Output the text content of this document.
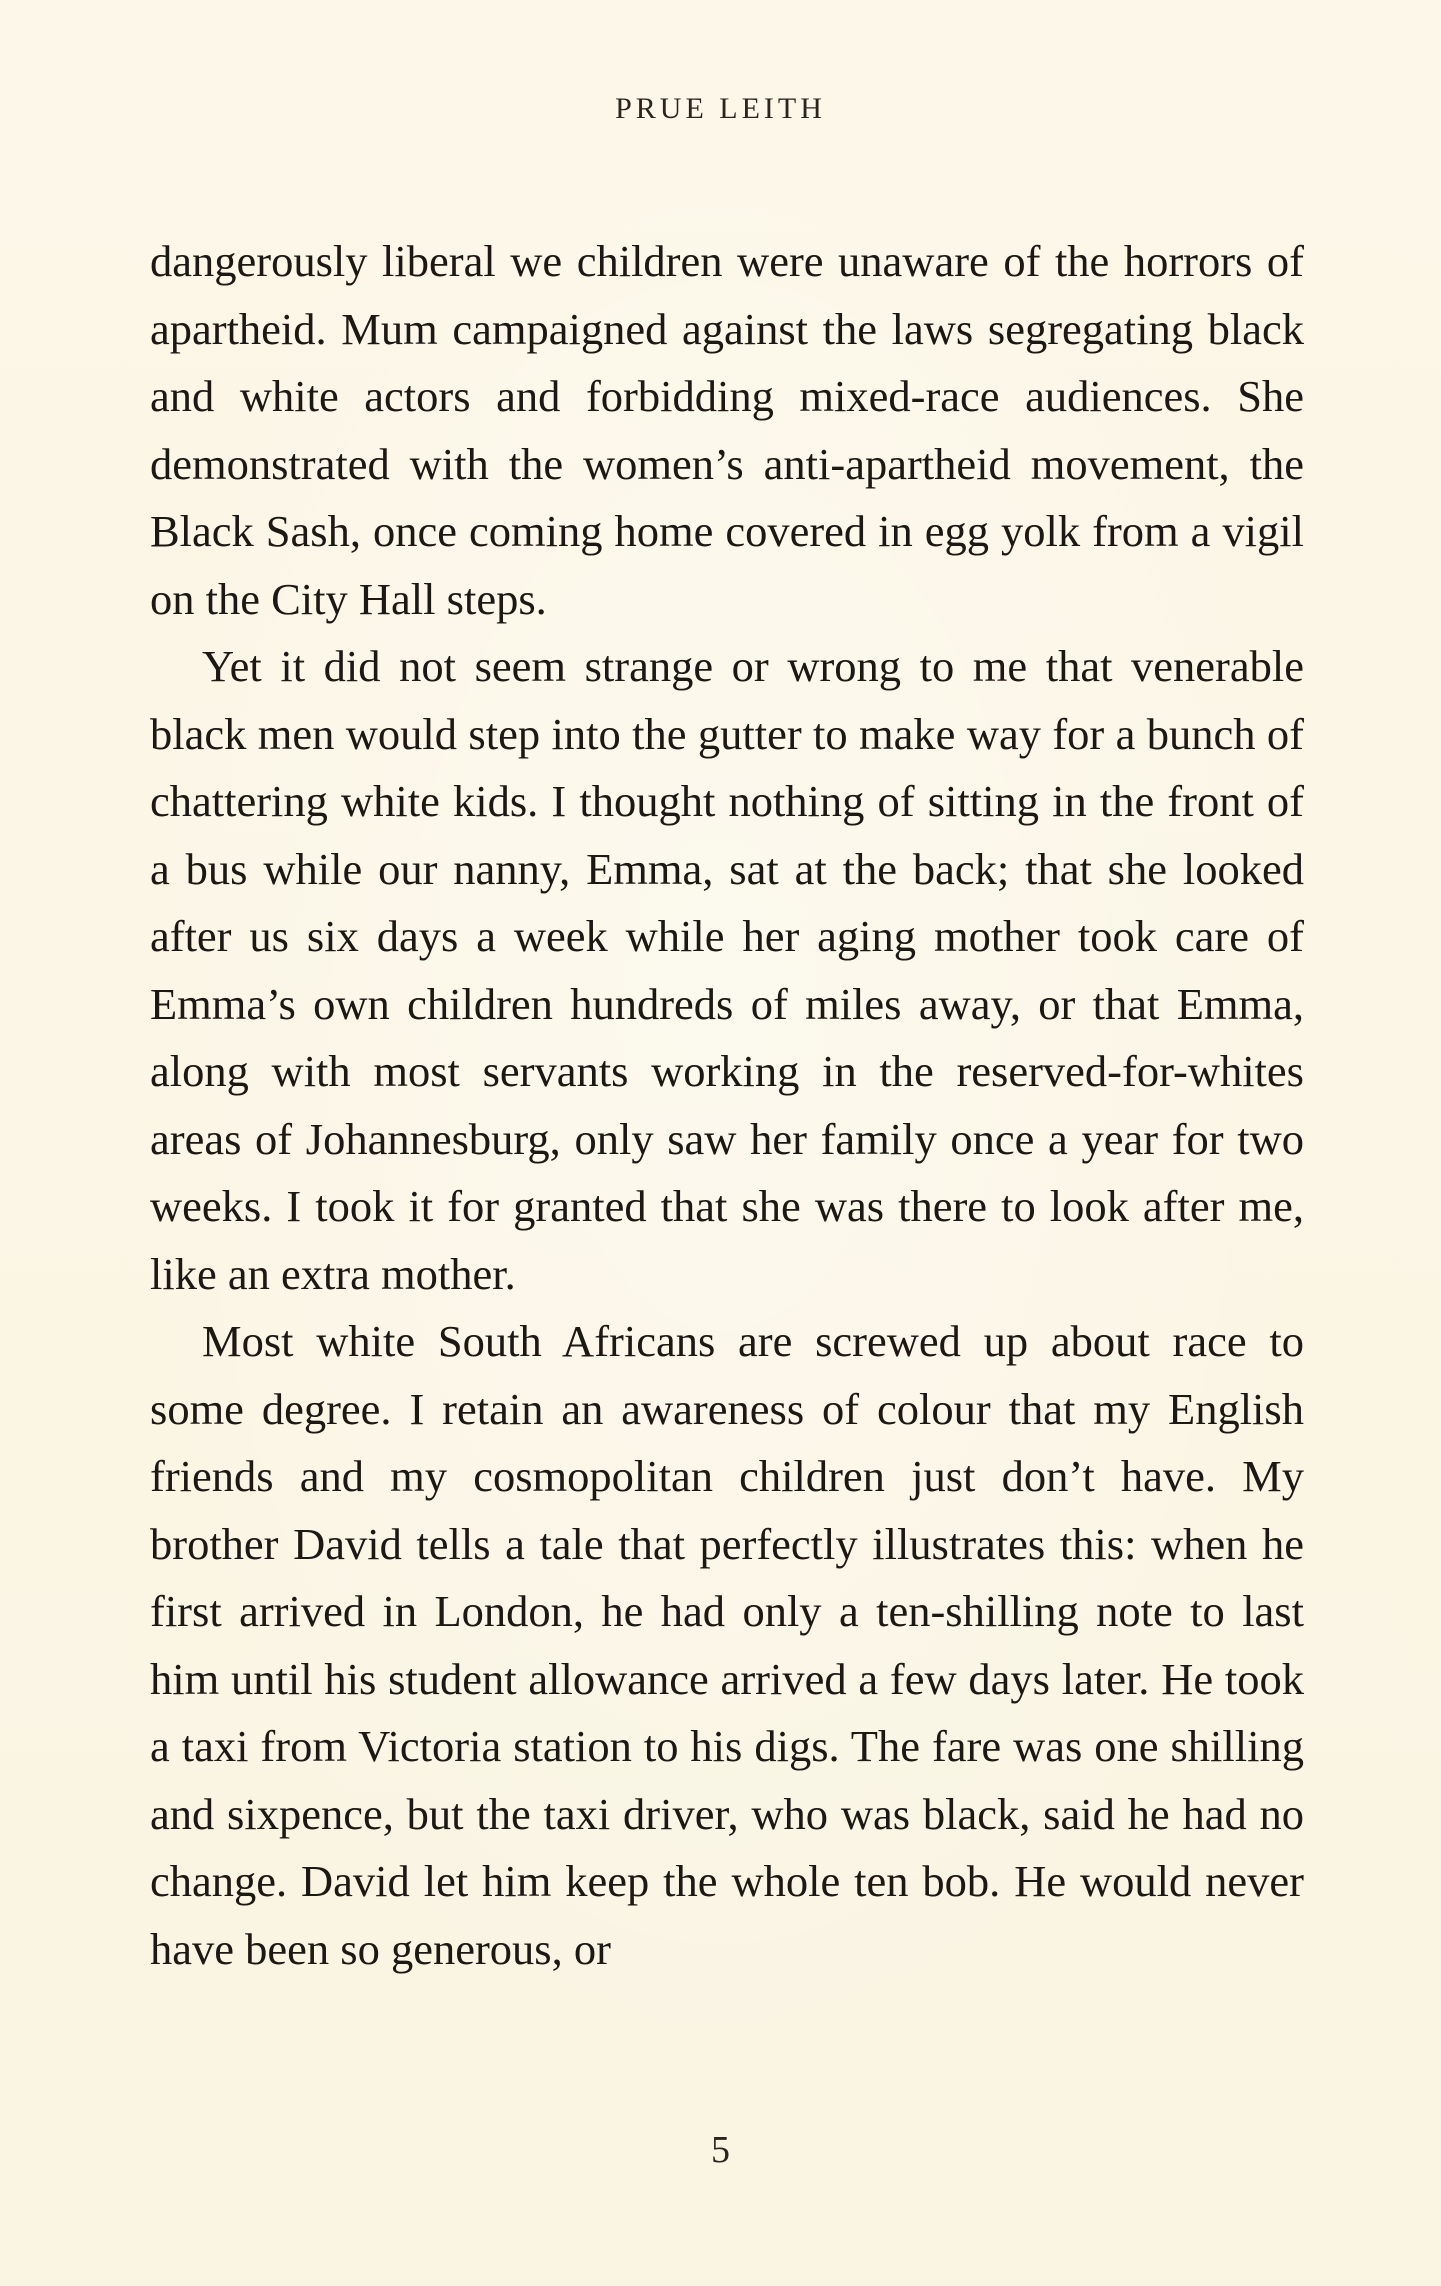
PRUE LEITH

dangerously liberal we children were unaware of the horrors of apartheid. Mum campaigned against the laws segregating black and white actors and forbidding mixed-race audiences. She demonstrated with the women’s anti-apartheid movement, the Black Sash, once coming home covered in egg yolk from a vigil on the City Hall steps.

Yet it did not seem strange or wrong to me that venerable black men would step into the gutter to make way for a bunch of chattering white kids. I thought nothing of sitting in the front of a bus while our nanny, Emma, sat at the back; that she looked after us six days a week while her aging mother took care of Emma’s own children hundreds of miles away, or that Emma, along with most servants working in the reserved-for-whites areas of Johannesburg, only saw her family once a year for two weeks. I took it for granted that she was there to look after me, like an extra mother.

Most white South Africans are screwed up about race to some degree. I retain an awareness of colour that my English friends and my cosmopolitan children just don’t have. My brother David tells a tale that perfectly illustrates this: when he first arrived in London, he had only a ten-shilling note to last him until his student allowance arrived a few days later. He took a taxi from Victoria station to his digs. The fare was one shilling and sixpence, but the taxi driver, who was black, said he had no change. David let him keep the whole ten bob. He would never have been so generous, or

5
